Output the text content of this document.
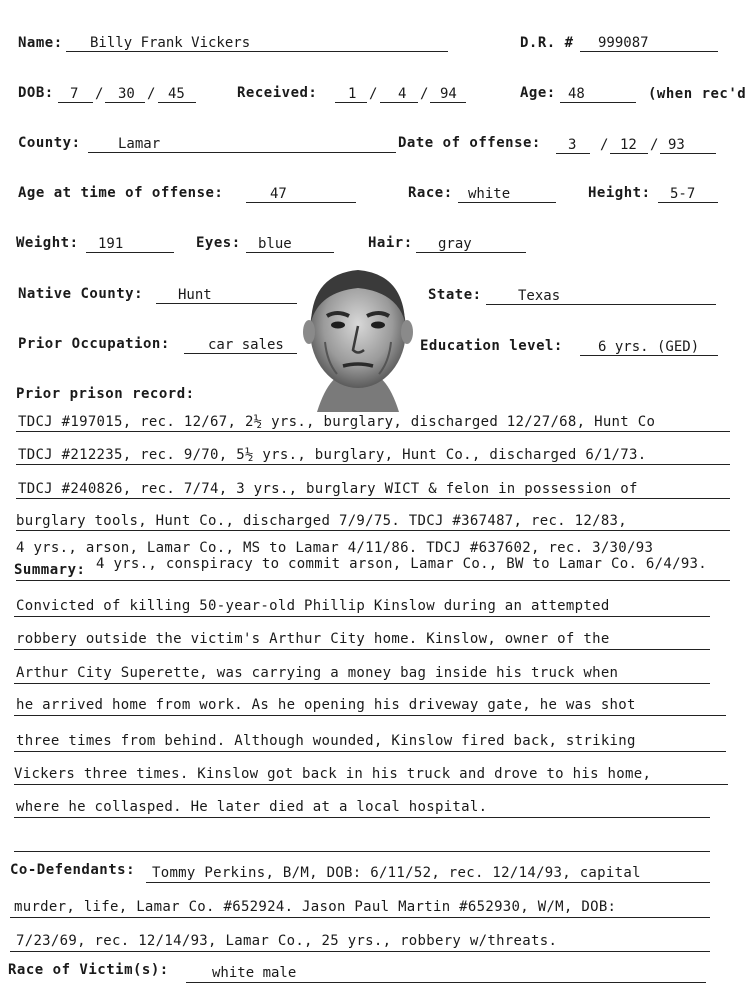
Name: Billy Frank Vickers	D.R. # 999087
DOB: 7 / 30 / 45	Received: 1 / 4 / 94	Age: 48	(when rec'd
County:	Lamar	Date of offense: 3 / 12 / 93
Age at time of offense:	47	Race: white	Height: 5-7
Weight: 191	Eyes: blue	Hair: gray
Native County: Hunt	State:	Texas
Prior Occupation:	car sales	Education level:	6 yrs. (GED)
Prior prison record:
TDCJ #197015, rec. 12/67, 2½ yrs., burglary, discharged 12/27/68, Hunt Co
TDCJ #212235, rec. 9/70, 5½ yrs., burglary, Hunt Co., discharged 6/1/73.
TDCJ #240826, rec. 7/74, 3 yrs., burglary WICT & felon in possession of
burglary tools, Hunt Co., discharged 7/9/75. TDCJ #367487, rec. 12/83,
4 yrs., arson, Lamar Co., MS to Lamar 4/11/86. TDCJ #637602, rec. 3/30/93
4 yrs., conspiracy to commit arson, Lamar Co., BW to Lamar Co. 6/4/93.
Summary:
Convicted of killing 50-year-old Phillip Kinslow during an attempted
robbery outside the victim's Arthur City home. Kinslow, owner of the
Arthur City Superette, was carrying a money bag inside his truck when
he arrived home from work. As he opening his driveway gate, he was shot
three times from behind. Although wounded, Kinslow fired back, striking
Vickers three times. Kinslow got back in his truck and drove to his home,
where he collasped. He later died at a local hospital.
Co-Defendants: Tommy Perkins, B/M, DOB: 6/11/52, rec. 12/14/93, capital
murder, life, Lamar Co. #652924. Jason Paul Martin #652930, W/M, DOB:
7/23/69, rec. 12/14/93, Lamar Co., 25 yrs., robbery w/threats.
Race of Victim(s):	white male
